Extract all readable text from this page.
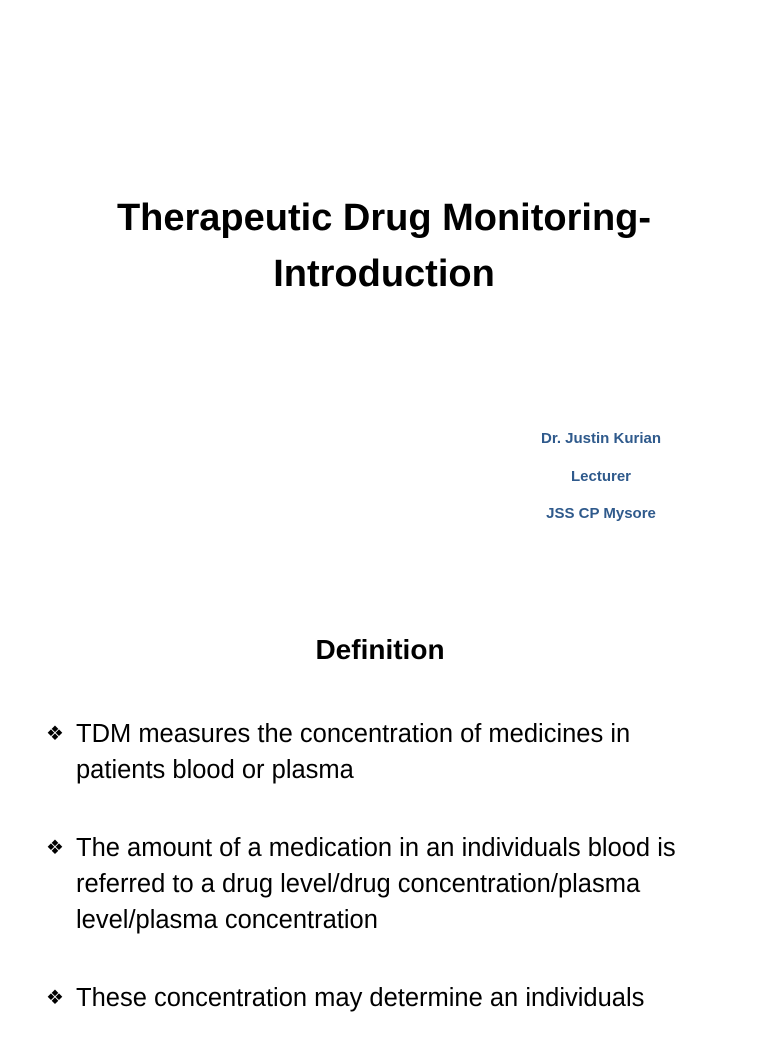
Therapeutic Drug Monitoring-
Introduction
Dr. Justin Kurian
Lecturer
JSS CP Mysore
Definition
❖ TDM measures the concentration of medicines in
patients blood or plasma
❖ The amount of a medication in an individuals blood is
referred to a drug level/drug concentration/plasma
level/plasma concentration
❖ These concentration may determine an individuals
